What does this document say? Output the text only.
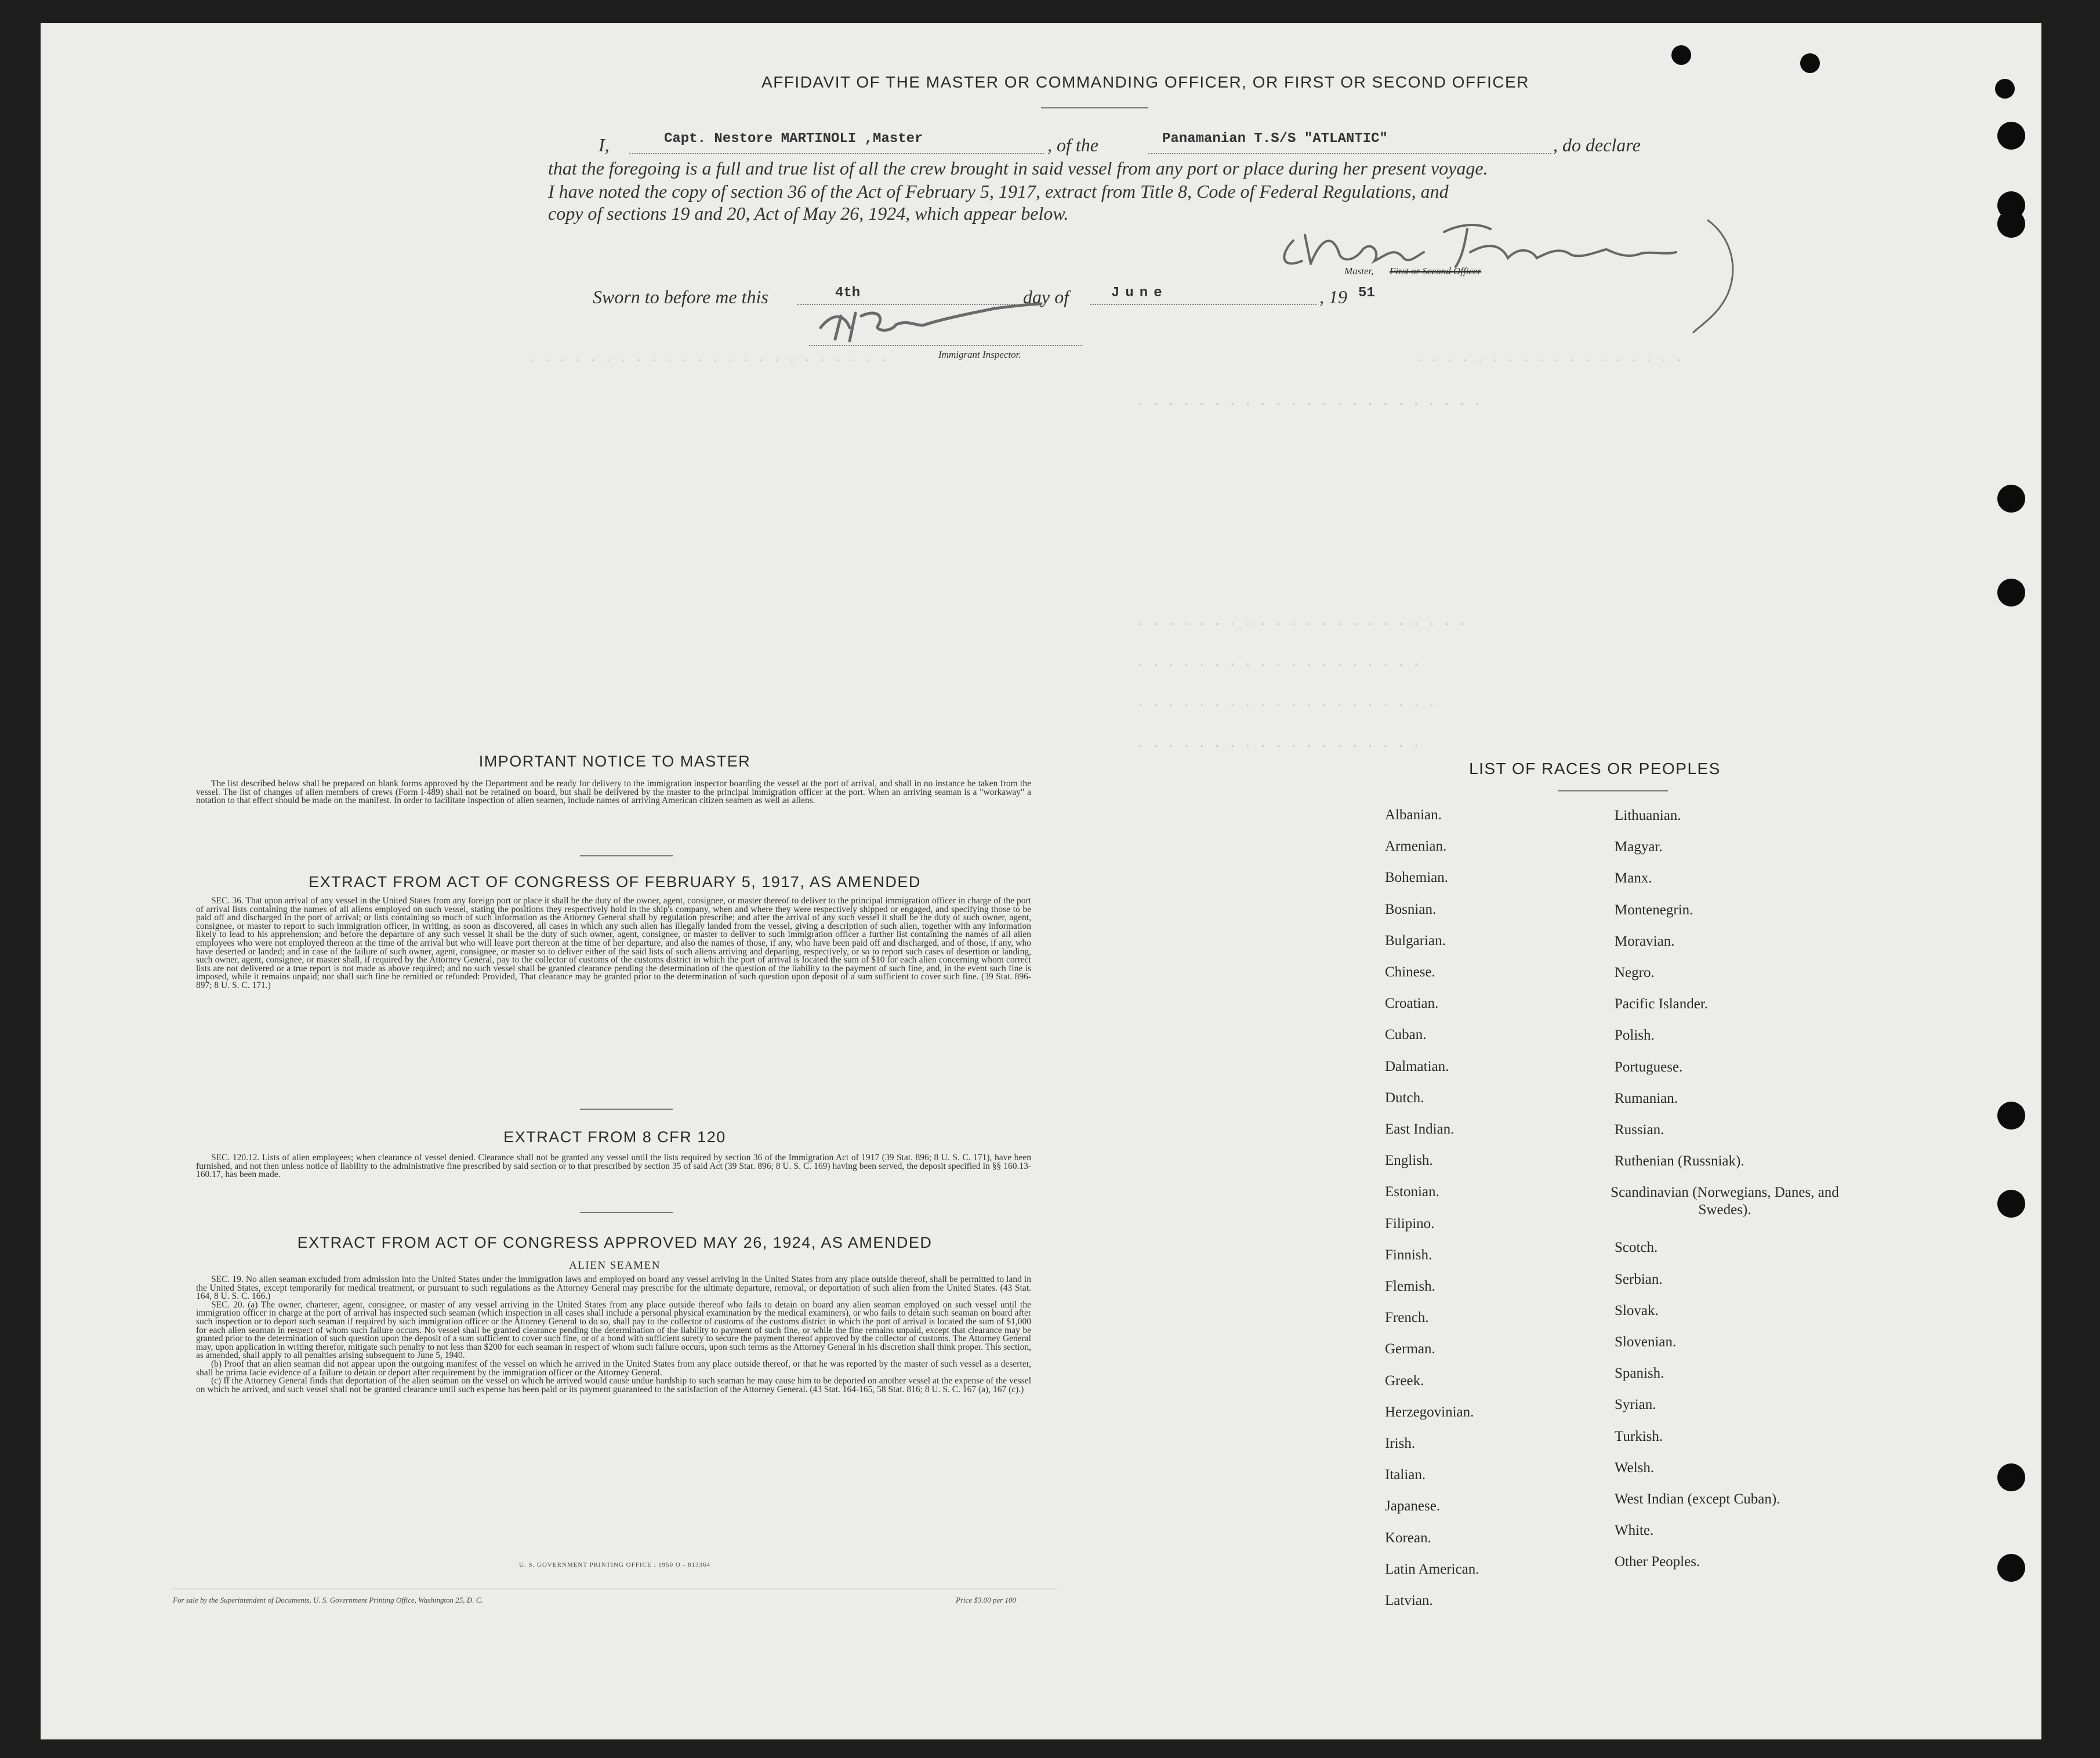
. . . . . . . . . . . . . . . . . . . . . . . .	. . . . . . . . . . . . . . . . . .
. . . . . . . . . . . . . . . . . . . . . . .
. . . . . . . . . . . . . . . . . . . . . .
. . . . . . . . . . . . . . . . . . .
. . . . . . . . . . . . . . . . . . . .
. . . . . . . . . . . . . . . . . . .
AFFIDAVIT OF THE MASTER OR COMMANDING OFFICER, OR FIRST OR SECOND OFFICER
I,	Capt. Nestore MARTINOLI ,Master	, of the	Panamanian T.S/S "ATLANTIC"	, do declare
that the foregoing is a full and true list of all the crew brought in said vessel from any port or place during her present voyage.
I have noted the copy of section 36 of the Act of February 5, 1917, extract from Title 8, Code of Federal Regulations, and
copy of sections 19 and 20, Act of May 26, 1924, which appear below.
Master, First or Second Officer
Sworn to before me this	4th	day of	June	, 19 51
Immigrant Inspector.
IMPORTANT NOTICE TO MASTER

The list described below shall be prepared on blank forms approved by the Department and be ready for delivery to the immigration inspector boarding the vessel at the port of arrival, and shall in no instance be taken from the vessel. The list of changes of alien members of crews (Form I-489) shall not be retained on board, but shall be delivered by the master to the principal immigration officer at the port. When an arriving seaman is a "workaway" a notation to that effect should be made on the manifest. In order to facilitate inspection of alien seamen, include names of arriving American citizen seamen as well as aliens.

EXTRACT FROM ACT OF CONGRESS OF FEBRUARY 5, 1917, AS AMENDED

SEC. 36. That upon arrival of any vessel in the United States from any foreign port or place it shall be the duty of the owner, agent, consignee, or master thereof to deliver to the principal immigration officer in charge of the port of arrival lists containing the names of all aliens employed on such vessel, stating the positions they respectively hold in the ship's company, when and where they were respectively shipped or engaged, and specifying those to be paid off and discharged in the port of arrival; or lists containing so much of such information as the Attorney General shall by regulation prescribe; and after the arrival of any such vessel it shall be the duty of such owner, agent, consignee, or master to report to such immigration officer, in writing, as soon as discovered, all cases in which any such alien has illegally landed from the vessel, giving a description of such alien, together with any information likely to lead to his apprehension; and before the departure of any such vessel it shall be the duty of such owner, agent, consignee, or master to deliver to such immigration officer a further list containing the names of all alien employees who were not employed thereon at the time of the arrival but who will leave port thereon at the time of her departure, and also the names of those, if any, who have been paid off and discharged, and of those, if any, who have deserted or landed; and in case of the failure of such owner, agent, consignee, or master so to deliver either of the said lists of such aliens arriving and departing, respectively, or so to report such cases of desertion or landing, such owner, agent, consignee, or master shall, if required by the Attorney General, pay to the collector of customs of the customs district in which the port of arrival is located the sum of $10 for each alien concerning whom correct lists are not delivered or a true report is not made as above required; and no such vessel shall be granted clearance pending the determination of the question of the liability to the payment of such fine, and, in the event such fine is imposed, while it remains unpaid; nor shall such fine be remitted or refunded: Provided, That clearance may be granted prior to the determination of such question upon deposit of a sum sufficient to cover such fine. (39 Stat. 896-897; 8 U. S. C. 171.)

EXTRACT FROM 8 CFR 120

SEC. 120.12. Lists of alien employees; when clearance of vessel denied. Clearance shall not be granted any vessel until the lists required by section 36 of the Immigration Act of 1917 (39 Stat. 896; 8 U. S. C. 171), have been furnished, and not then unless notice of liability to the administrative fine prescribed by said section or to that prescribed by section 35 of said Act (39 Stat. 896; 8 U. S. C. 169) having been served, the deposit specified in §§ 160.13-160.17, has been made.

EXTRACT FROM ACT OF CONGRESS APPROVED MAY 26, 1924, AS AMENDED
ALIEN SEAMEN

SEC. 19. No alien seaman excluded from admission into the United States under the immigration laws and employed on board any vessel arriving in the United States from any place outside thereof, shall be permitted to land in the United States, except temporarily for medical treatment, or pursuant to such regulations as the Attorney General may prescribe for the ultimate departure, removal, or deportation of such alien from the United States. (43 Stat. 164, 8 U. S. C. 166.)

SEC. 20. (a) The owner, charterer, agent, consignee, or master of any vessel arriving in the United States from any place outside thereof who fails to detain on board any alien seaman employed on such vessel until the immigration officer in charge at the port of arrival has inspected such seaman (which inspection in all cases shall include a personal physical examination by the medical examiners), or who fails to detain such seaman on board after such inspection or to deport such seaman if required by such immigration officer or the Attorney General to do so, shall pay to the collector of customs of the customs district in which the port of arrival is located the sum of $1,000 for each alien seaman in respect of whom such failure occurs. No vessel shall be granted clearance pending the determination of the liability to payment of such fine, or while the fine remains unpaid, except that clearance may be granted prior to the determination of such question upon the deposit of a sum sufficient to cover such fine, or of a bond with sufficient surety to secure the payment thereof approved by the collector of customs. The Attorney General may, upon application in writing therefor, mitigate such penalty to not less than $200 for each seaman in respect of whom such failure occurs, upon such terms as the Attorney General in his discretion shall think proper. This section, as amended, shall apply to all penalties arising subsequent to June 5, 1940.

(b) Proof that an alien seaman did not appear upon the outgoing manifest of the vessel on which he arrived in the United States from any place outside thereof, or that he was reported by the master of such vessel as a deserter, shall be prima facie evidence of a failure to detain or deport after requirement by the immigration officer or the Attorney General.

(c) If the Attorney General finds that deportation of the alien seaman on the vessel on which he arrived would cause undue hardship to such seaman he may cause him to be deported on another vessel at the expense of the vessel on which he arrived, and such vessel shall not be granted clearance until such expense has been paid or its payment guaranteed to the satisfaction of the Attorney General. (43 Stat. 164-165, 58 Stat. 816; 8 U. S. C. 167 (a), 167 (c).)

U. S. GOVERNMENT PRINTING OFFICE : 1950 O - 813364
For sale by the Superintendent of Documents, U. S. Government Printing Office, Washington 25, D. C.	Price $3.00 per 100
LIST OF RACES OR PEOPLES
Albanian.
Armenian.
Bohemian.
Bosnian.
Bulgarian.
Chinese.
Croatian.
Cuban.
Dalmatian.
Dutch.
East Indian.
English.
Estonian.
Filipino.
Finnish.
Flemish.
French.
German.
Greek.
Herzegovinian.
Irish.
Italian.
Japanese.
Korean.
Latin American.
Latvian.
Lithuanian.
Magyar.
Manx.
Montenegrin.
Moravian.
Negro.
Pacific Islander.
Polish.
Portuguese.
Rumanian.
Russian.
Ruthenian (Russniak).
Scandinavian (Norwegians, Danes, and Swedes).
Scotch.
Serbian.
Slovak.
Slovenian.
Spanish.
Syrian.
Turkish.
Welsh.
West Indian (except Cuban).
White.
Other Peoples.
